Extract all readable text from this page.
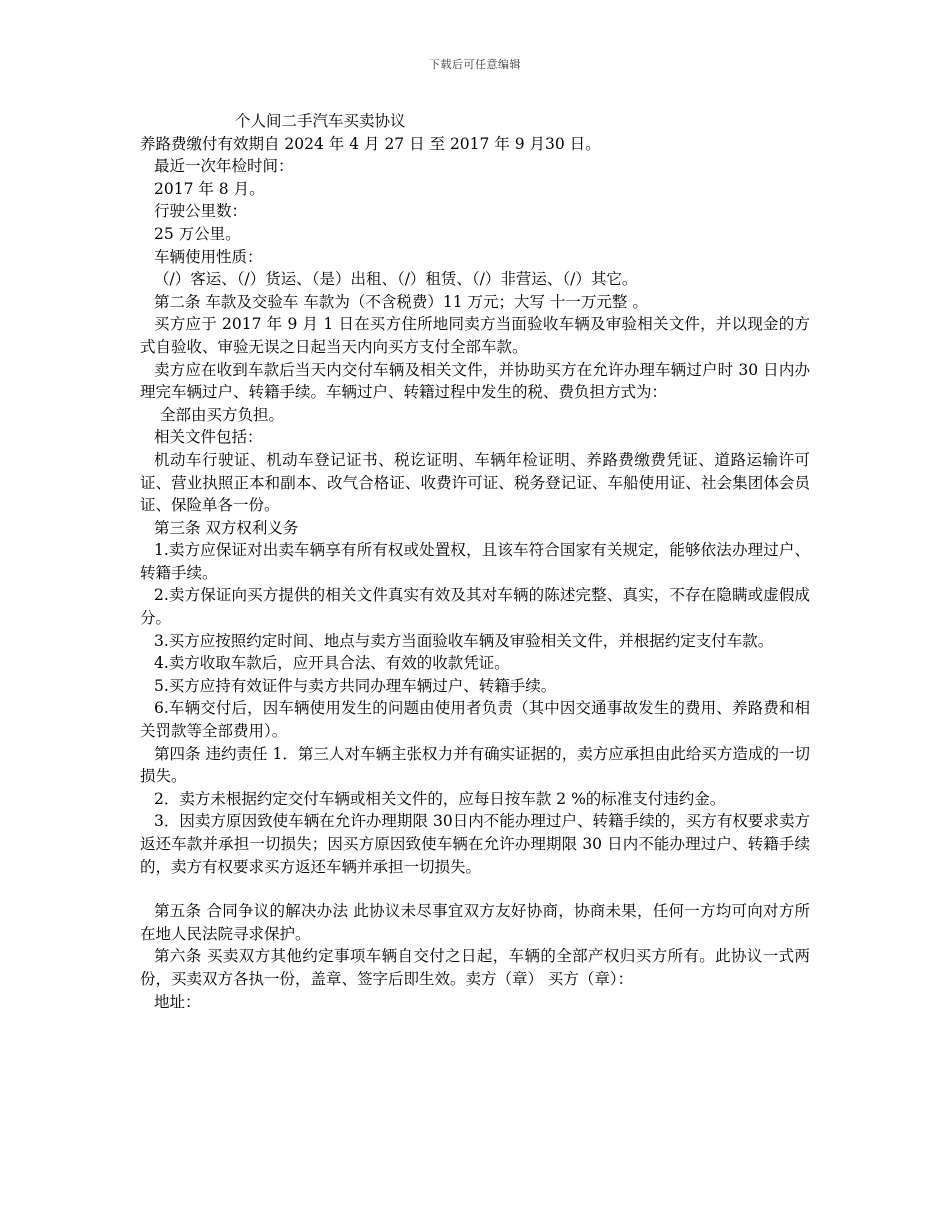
下载后可任意编辑

个人间二手汽车买卖协议

养路费缴付有效期自 2024 年 4 月 27 日 至 2017 年 9 月30 日。

最近一次年检时间：

2017 年 8 月。

行驶公里数：

25 万公里。

车辆使用性质：

（/）客运、（/）货运、（是）出租、（/）租赁、（/）非营运、（/）其它。

第二条 车款及交验车 车款为（不含税费）11 万元；大写 十一万元整 。

买方应于 2017 年 9 月 1 日在买方住所地同卖方当面验收车辆及审验相关文件，并以现金的方式自验收、审验无误之日起当天内向买方支付全部车款。

卖方应在收到车款后当天内交付车辆及相关文件，并协助买方在允许办理车辆过户时 30 日内办理完车辆过户、转籍手续。车辆过户、转籍过程中发生的税、费负担方式为：

全部由买方负担。

相关文件包括：

机动车行驶证、机动车登记证书、税讫证明、车辆年检证明、养路费缴费凭证、道路运输许可证、营业执照正本和副本、改气合格证、收费许可证、税务登记证、车船使用证、社会集团体会员证、保险单各一份。

第三条 双方权利义务

1.卖方应保证对出卖车辆享有所有权或处置权，且该车符合国家有关规定，能够依法办理过户、转籍手续。

2.卖方保证向买方提供的相关文件真实有效及其对车辆的陈述完整、真实，不存在隐瞒或虚假成分。

3.买方应按照约定时间、地点与卖方当面验收车辆及审验相关文件，并根据约定支付车款。

4.卖方收取车款后，应开具合法、有效的收款凭证。

5.买方应持有效证件与卖方共同办理车辆过户、转籍手续。

6.车辆交付后，因车辆使用发生的问题由使用者负责（其中因交通事故发生的费用、养路费和相关罚款等全部费用）。

第四条 违约责任 1．第三人对车辆主张权力并有确实证据的，卖方应承担由此给买方造成的一切损失。

2．卖方未根据约定交付车辆或相关文件的，应每日按车款 2 %的标准支付违约金。

3．因卖方原因致使车辆在允许办理期限 30日内不能办理过户、转籍手续的，买方有权要求卖方返还车款并承担一切损失；因买方原因致使车辆在允许办理期限 30 日内不能办理过户、转籍手续的，卖方有权要求买方返还车辆并承担一切损失。

第五条 合同争议的解决办法 此协议未尽事宜双方友好协商，协商未果，任何一方均可向对方所在地人民法院寻求保护。

第六条 买卖双方其他约定事项车辆自交付之日起，车辆的全部产权归买方所有。此协议一式两份，买卖双方各执一份，盖章、签字后即生效。卖方（章） 买方（章）：

地址：
